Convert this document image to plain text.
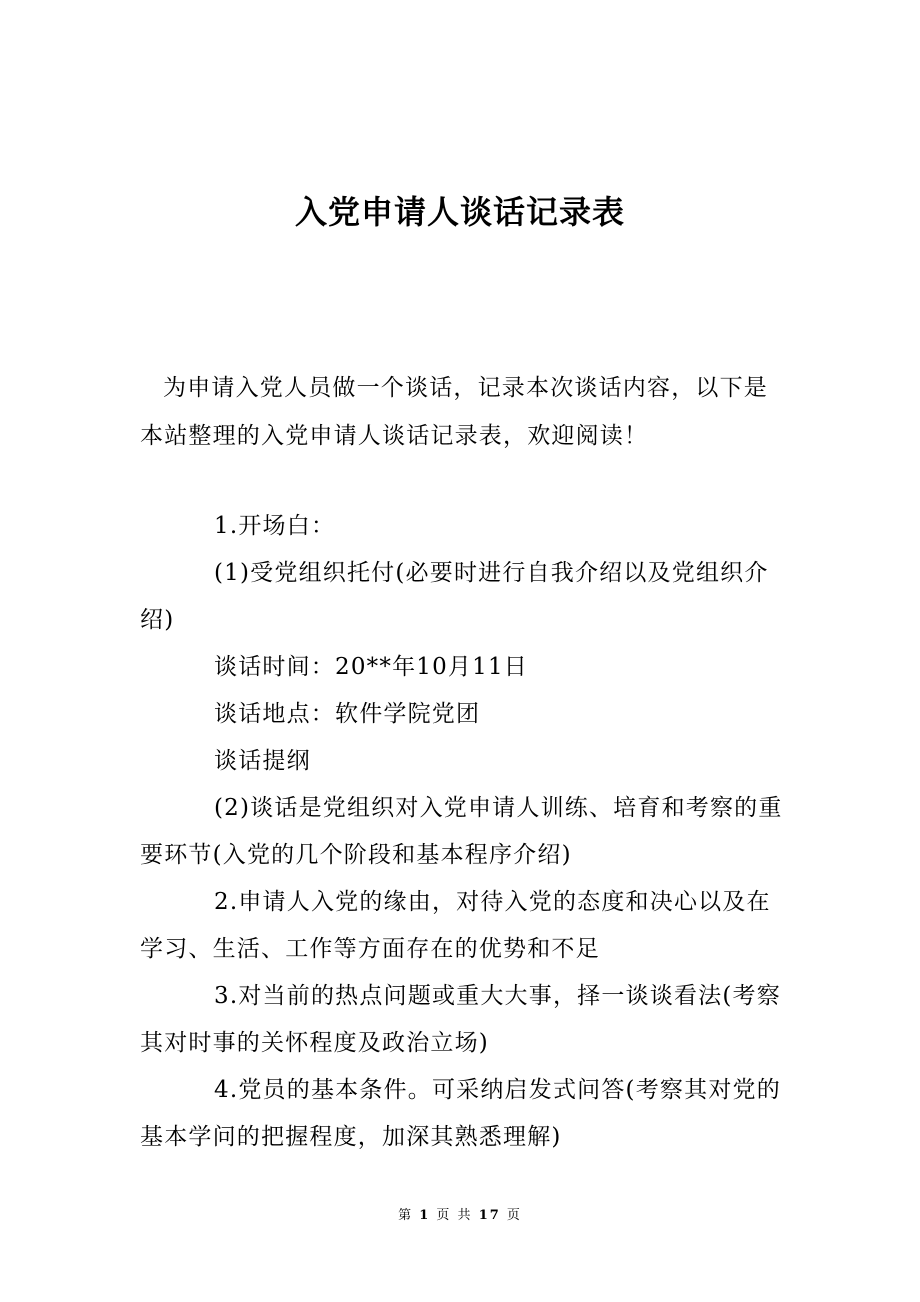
入党申请人谈话记录表

为申请入党人员做一个谈话，记录本次谈话内容，以下是本站整理的入党申请人谈话记录表，欢迎阅读！

1.开场白：

(1)受党组织托付(必要时进行自我介绍以及党组织介绍)

谈话时间：20**年10月11日

谈话地点：软件学院党团

谈话提纲

(2)谈话是党组织对入党申请人训练、培育和考察的重要环节(入党的几个阶段和基本程序介绍)

2.申请人入党的缘由，对待入党的态度和决心以及在学习、生活、工作等方面存在的优势和不足

3.对当前的热点问题或重大大事，择一谈谈看法(考察其对时事的关怀程度及政治立场)

4.党员的基本条件。可采纳启发式问答(考察其对党的基本学问的把握程度，加深其熟悉理解)

第 1 页 共 17 页
